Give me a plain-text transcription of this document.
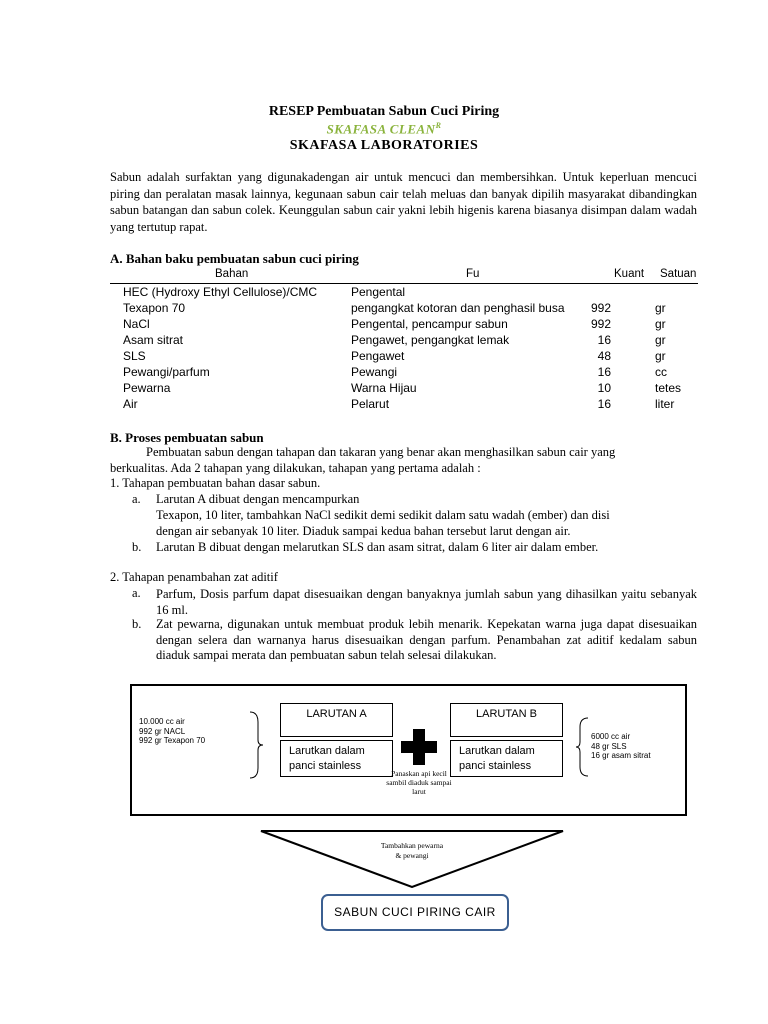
RESEP Pembuatan Sabun Cuci Piring
SKAFASA $CLEAN^R$
SKAFASA LABORATORIES
Sabun adalah surfaktan yang digunakadengan air untuk mencuci dan membersihkan. Untuk keperluan mencuci piring dan peralatan masak lainnya, kegunaan sabun cair telah meluas dan banyak dipilih masyarakat dibandingkan sabun batangan dan sabun colek. Keunggulan sabun cair yakni lebih higenis karena biasanya disimpan dalam wadah yang tertutup rapat.
A. Bahan baku pembuatan sabun cuci piring
Bahan	Fu	Kuant Satuan
HEC (Hydroxy Ethyl Cellulose)/CMC	Pengental
Texapon 70	pengangkat kotoran dan penghasil busa	992	gr
NaCl	Pengental, pencampur sabun	992	gr
Asam sitrat	Pengawet, pengangkat lemak	16	gr
SLS	Pengawet	48	gr
Pewangi/parfum	Pewangi	16	cc
Pewarna	Warna Hijau	10	tetes
Air	Pelarut	16	liter
B. Proses pembuatan sabun
Pembuatan sabun dengan tahapan dan takaran yang benar akan menghasilkan sabun cair yang
berkualitas. Ada 2 tahapan yang dilakukan, tahapan yang pertama adalah :
1. Tahapan pembuatan bahan dasar sabun.
a. Larutan A dibuat dengan mencampurkan
Texapon, 10 liter, tambahkan NaCl sedikit demi sedikit dalam satu wadah (ember) dan disi
dengan air sebanyak 10 liter. Diaduk sampai kedua bahan tersebut larut dengan air.
b. Larutan B dibuat dengan melarutkan SLS dan asam sitrat, dalam 6 liter air dalam ember.
2. Tahapan penambahan zat aditif
a. Parfum, Dosis parfum dapat disesuaikan dengan banyaknya jumlah sabun yang dihasilkan yaitu sebanyak 16 ml.
b. Zat pewarna, digunakan untuk membuat produk lebih menarik. Kepekatan warna juga dapat disesuaikan dengan selera dan warnanya harus disesuaikan dengan parfum. Penambahan zat aditif kedalam sabun diaduk sampai merata dan pembuatan sabun telah selesai dilakukan.
10.000 cc air
992 gr NACL
992 gr Texapon 70
LARUTAN A
Larutkan dalam panci stainless
Panaskan api kecil sambil diaduk sampai larut
LARUTAN B
Larutkan dalam panci stainless
6000 cc air
48 gr SLS
16 gr asam sitrat
Tambahkan pewarna & pewangi
SABUN CUCI PIRING CAIR
